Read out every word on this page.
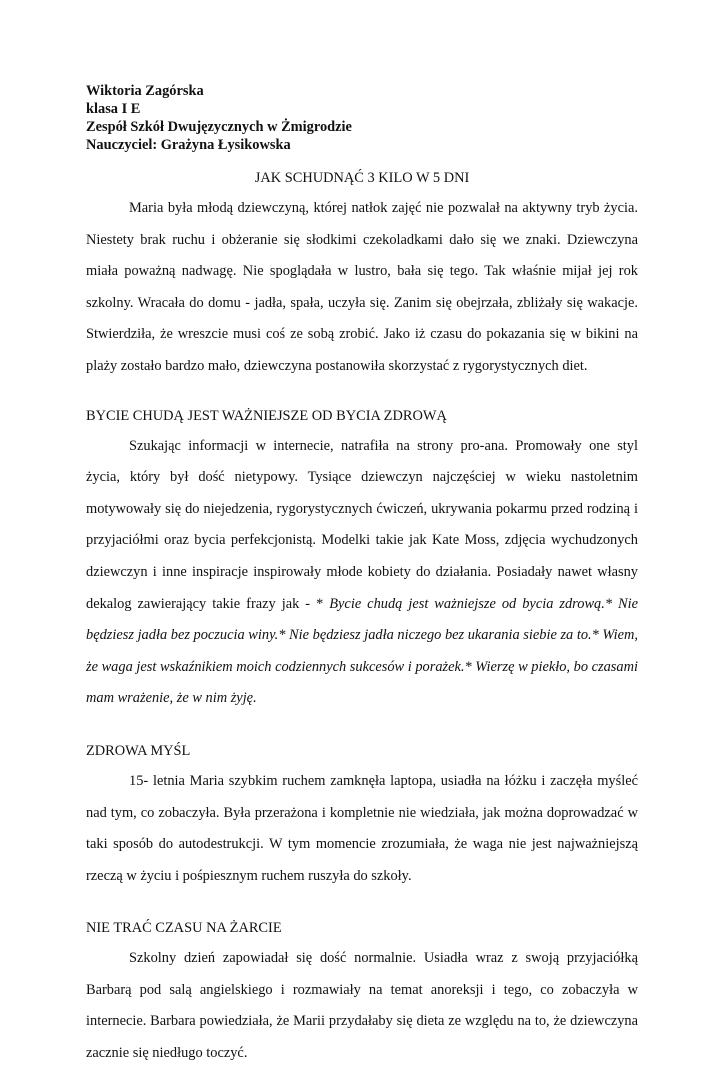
Wiktoria Zagórska
klasa I E
Zespół Szkół Dwujęzycznych w Żmigrodzie
Nauczyciel: Grażyna Łysikowska
JAK SCHUDNĄĆ 3 KILO W 5 DNI

Maria była młodą dziewczyną, której natłok zajęć nie pozwalał na aktywny tryb życia. Niestety brak ruchu i obżeranie się słodkimi czekoladkami dało się we znaki. Dziewczyna miała poważną nadwagę. Nie spoglądała w lustro, bała się tego. Tak właśnie mijał jej rok szkolny. Wracała do domu - jadła, spała, uczyła się. Zanim się obejrzała, zbliżały się wakacje. Stwierdziła, że wreszcie musi coś ze sobą zrobić. Jako iż czasu do pokazania się w bikini na plaży zostało bardzo mało, dziewczyna postanowiła skorzystać z rygorystycznych diet.

BYCIE CHUDĄ JEST WAŻNIEJSZE OD BYCIA ZDROWĄ

Szukając informacji w internecie, natrafiła na strony pro-ana. Promowały one styl życia, który był dość nietypowy. Tysiące dziewczyn najczęściej w wieku nastoletnim motywowały się do niejedzenia, rygorystycznych ćwiczeń, ukrywania pokarmu przed rodziną i przyjaciółmi oraz bycia perfekcjonistą. Modelki takie jak Kate Moss, zdjęcia wychudzonych dziewczyn i inne inspiracje inspirowały młode kobiety do działania. Posiadały nawet własny dekalog zawierający takie frazy jak - * Bycie chudą jest ważniejsze od bycia zdrową.* Nie będziesz jadła bez poczucia winy.* Nie będziesz jadła niczego bez ukarania siebie za to.* Wiem, że waga jest wskaźnikiem moich codziennych sukcesów i porażek.* Wierzę w piekło, bo czasami mam wrażenie, że w nim żyję.

ZDROWA MYŚL

15- letnia Maria szybkim ruchem zamknęła laptopa, usiadła na łóżku i zaczęła myśleć nad tym, co zobaczyła. Była przerażona i kompletnie nie wiedziała, jak można doprowadzać w taki sposób do autodestrukcji. W tym momencie zrozumiała, że waga nie jest najważniejszą rzeczą w życiu i pośpiesznym ruchem ruszyła do szkoły.

NIE TRAĆ CZASU NA ŻARCIE

Szkolny dzień zapowiadał się dość normalnie. Usiadła wraz z swoją przyjaciółką Barbarą pod salą angielskiego i rozmawiały na temat anoreksji i tego, co zobaczyła w internecie. Barbara powiedziała, że Marii przydałaby się dieta ze względu na to, że dziewczyna zacznie się niedługo toczyć.
